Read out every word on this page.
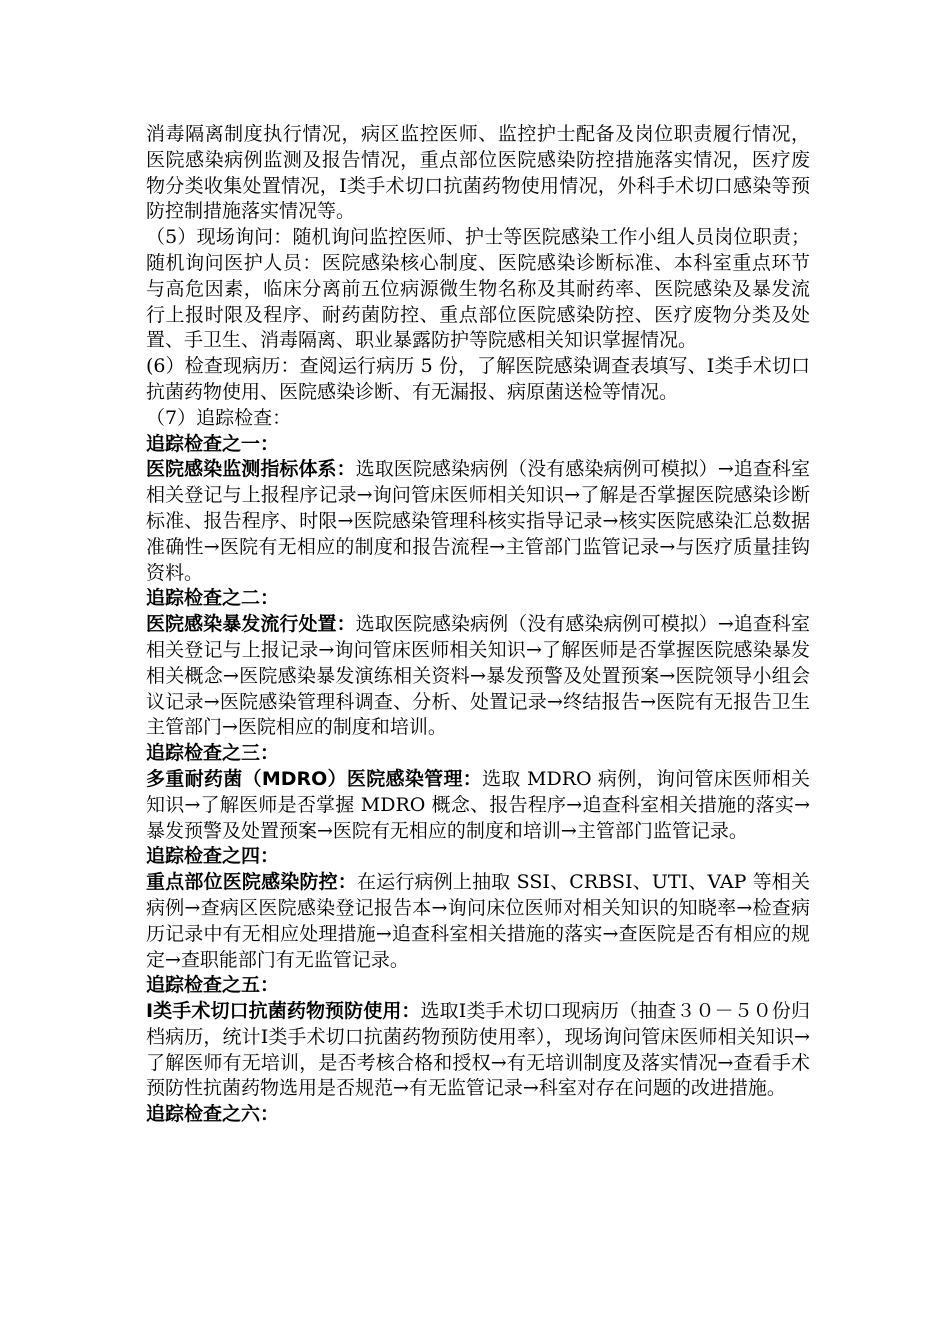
消毒隔离制度执行情况，病区监控医师、监控护士配备及岗位职责履行情况，医院感染病例监测及报告情况，重点部位医院感染防控措施落实情况，医疗废物分类收集处置情况，Ⅰ类手术切口抗菌药物使用情况，外科手术切口感染等预防控制措施落实情况等。

（5）现场询问：随机询问监控医师、护士等医院感染工作小组人员岗位职责；随机询问医护人员：医院感染核心制度、医院感染诊断标准、本科室重点环节与高危因素，临床分离前五位病源微生物名称及其耐药率、医院感染及暴发流行上报时限及程序、耐药菌防控、重点部位医院感染防控、医疗废物分类及处置、手卫生、消毒隔离、职业暴露防护等院感相关知识掌握情况。

(6）检查现病历：查阅运行病历 5 份，了解医院感染调查表填写、Ⅰ类手术切口抗菌药物使用、医院感染诊断、有无漏报、病原菌送检等情况。

（7）追踪检查：

追踪检查之一：

医院感染监测指标体系：选取医院感染病例（没有感染病例可模拟）→追查科室相关登记与上报程序记录→询问管床医师相关知识→了解是否掌握医院感染诊断标准、报告程序、时限→医院感染管理科核实指导记录→核实医院感染汇总数据准确性→医院有无相应的制度和报告流程→主管部门监管记录→与医疗质量挂钩资料。

追踪检查之二：

医院感染暴发流行处置：选取医院感染病例（没有感染病例可模拟）→追查科室相关登记与上报记录→询问管床医师相关知识→了解医师是否掌握医院感染暴发相关概念→医院感染暴发演练相关资料→暴发预警及处置预案→医院领导小组会议记录→医院感染管理科调查、分析、处置记录→终结报告→医院有无报告卫生主管部门→医院相应的制度和培训。

追踪检查之三：

多重耐药菌（MDRO）医院感染管理：选取 MDRO 病例，询问管床医师相关知识→了解医师是否掌握 MDRO 概念、报告程序→追查科室相关措施的落实→暴发预警及处置预案→医院有无相应的制度和培训→主管部门监管记录。

追踪检查之四：

重点部位医院感染防控：在运行病例上抽取 SSI、CRBSI、UTI、VAP 等相关病例→查病区医院感染登记报告本→询问床位医师对相关知识的知晓率→检查病历记录中有无相应处理措施→追查科室相关措施的落实→查医院是否有相应的规定→查职能部门有无监管记录。

追踪检查之五：

Ⅰ类手术切口抗菌药物预防使用：选取Ⅰ类手术切口现病历（抽查３０－５０份归档病历，统计Ⅰ类手术切口抗菌药物预防使用率），现场询问管床医师相关知识→了解医师有无培训，是否考核合格和授权→有无培训制度及落实情况→查看手术预防性抗菌药物选用是否规范→有无监管记录→科室对存在问题的改进措施。

追踪检查之六：
